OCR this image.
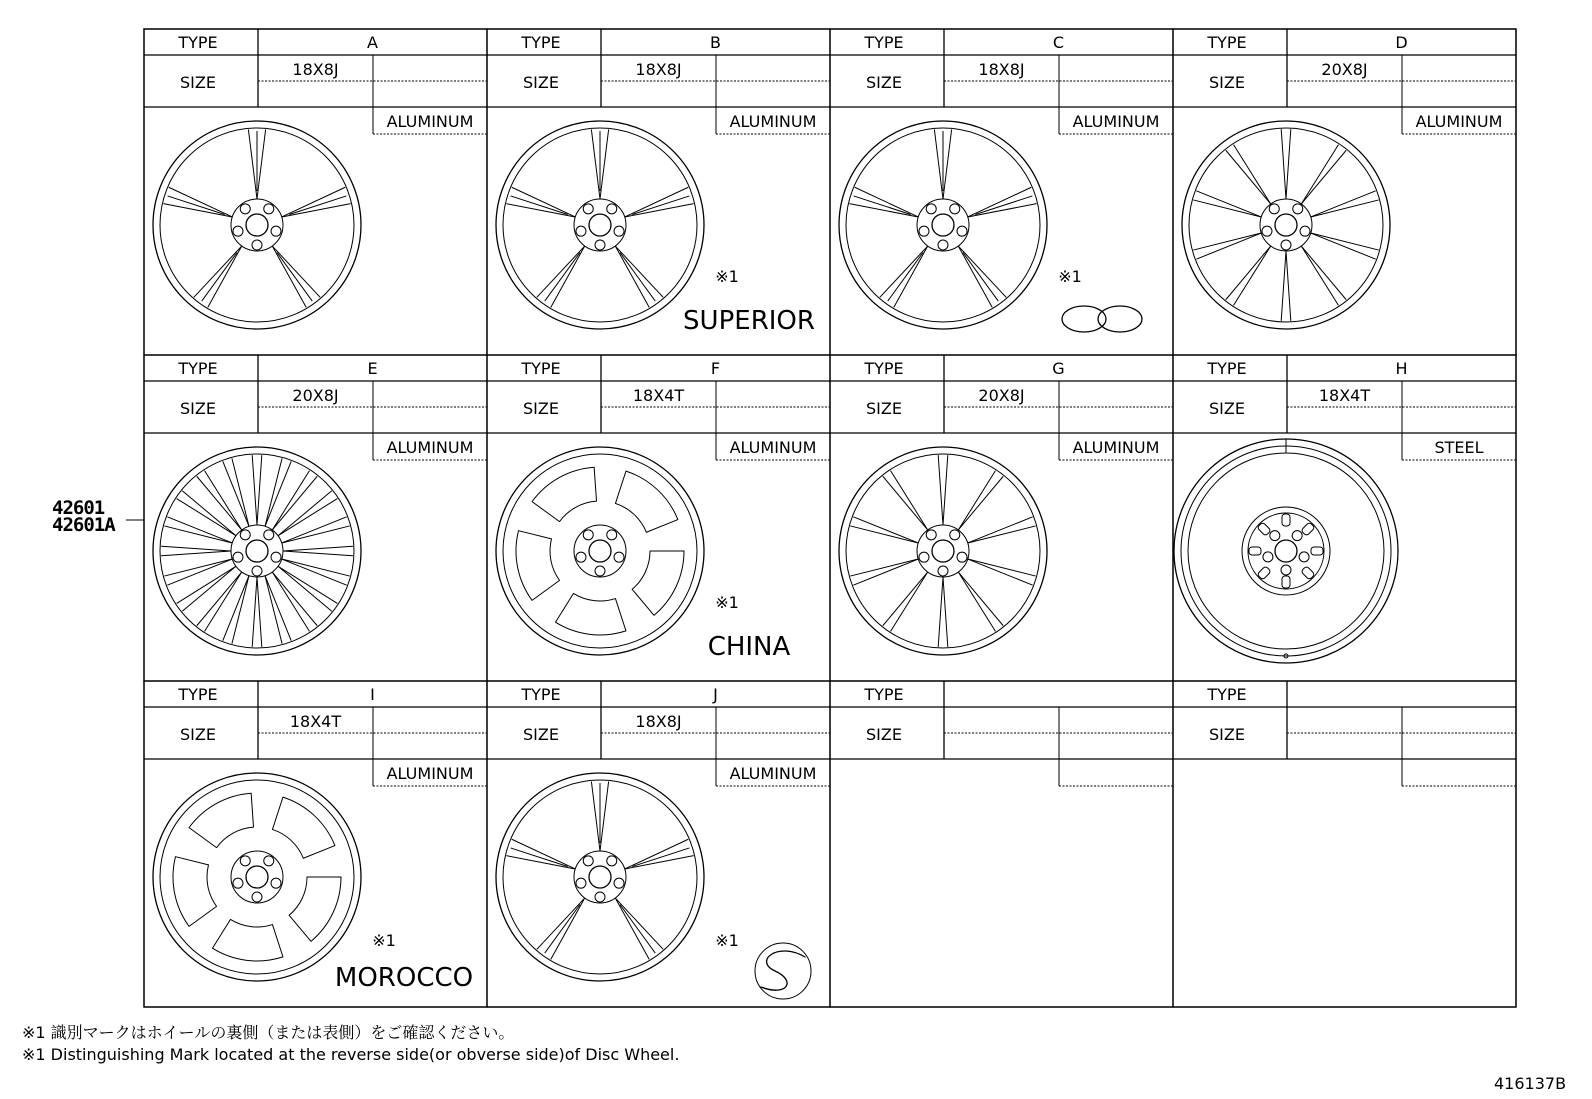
TYPE
SIZE
A
18X8J
ALUMINUM
TYPE
SIZE
B
18X8J
ALUMINUM
※1
SUPERIOR
TYPE
SIZE
C
18X8J
ALUMINUM
※1
TYPE
SIZE
D
20X8J
ALUMINUM
TYPE
SIZE
E
20X8J
ALUMINUM
TYPE
SIZE
F
18X4T
ALUMINUM
※1
CHINA
TYPE
SIZE
G
20X8J
ALUMINUM
TYPE
SIZE
H
18X4T
STEEL
TYPE
SIZE
I
18X4T
ALUMINUM
※1
MOROCCO
TYPE
SIZE
J
18X8J
ALUMINUM
※1
TYPE
SIZE
TYPE
SIZE
42601
42601A
※1 識別マークはホイールの裏側（または表側）をご確認ください。
※1 Distinguishing Mark located at the reverse side(or obverse side)of Disc Wheel.
416137B
